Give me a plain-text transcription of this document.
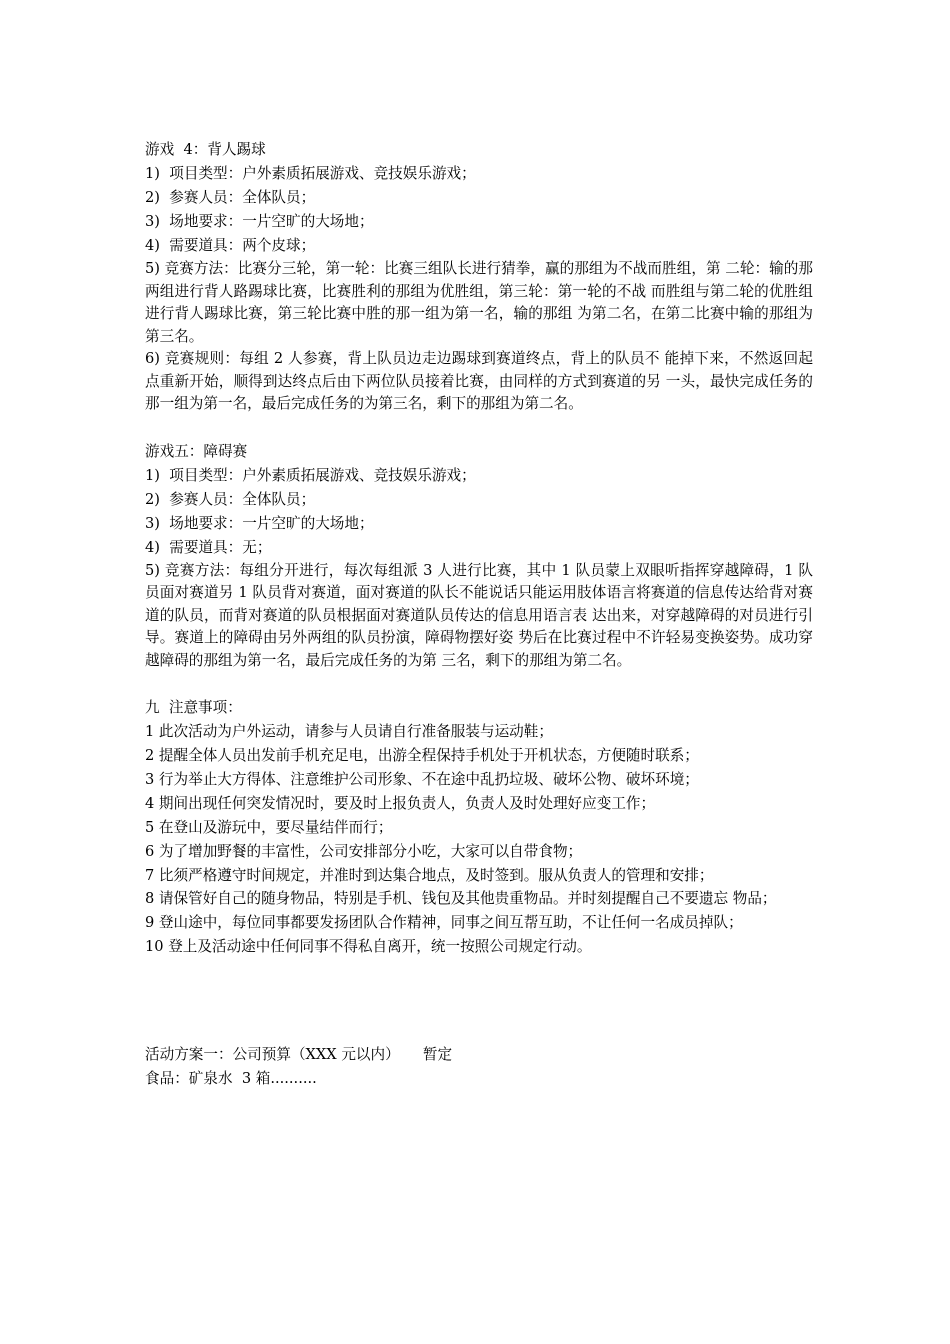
游戏  4：背人踢球
1)  项目类型：户外素质拓展游戏、竞技娱乐游戏；
2)  参赛人员：全体队员；
3)  场地要求：一片空旷的大场地；
4)  需要道具：两个皮球；
5) 竞赛方法：比赛分三轮，第一轮：比赛三组队长进行猜拳，赢的那组为不战而胜组，第 二轮：输的那两组进行背人路踢球比赛，比赛胜利的那组为优胜组，第三轮：第一轮的不战 而胜组与第二轮的优胜组进行背人踢球比赛，第三轮比赛中胜的那一组为第一名，输的那组 为第二名，在第二比赛中输的那组为第三名。
6) 竞赛规则：每组 2 人参赛，背上队员边走边踢球到赛道终点，背上的队员不 能掉下来，不然返回起点重新开始，顺得到达终点后由下两位队员接着比赛，由同样的方式到赛道的另 一头，最快完成任务的那一组为第一名，最后完成任务的为第三名，剩下的那组为第二名。
游戏五：障碍赛
1)  项目类型：户外素质拓展游戏、竞技娱乐游戏；
2)  参赛人员：全体队员；
3)  场地要求：一片空旷的大场地；
4)  需要道具：无；
5) 竞赛方法：每组分开进行，每次每组派 3 人进行比赛，其中 1 队员蒙上双眼听指挥穿越障碍，1 队员面对赛道另 1 队员背对赛道，面对赛道的队长不能说话只能运用肢体语言将赛道的信息传达给背对赛道的队员，而背对赛道的队员根据面对赛道队员传达的信息用语言表 达出来，对穿越障碍的对员进行引导。赛道上的障碍由另外两组的队员扮演，障碍物摆好姿 势后在比赛过程中不许轻易变换姿势。成功穿越障碍的那组为第一名，最后完成任务的为第 三名，剩下的那组为第二名。
九  注意事项：
1 此次活动为户外运动，请参与人员请自行准备服装与运动鞋；
2 提醒全体人员出发前手机充足电，出游全程保持手机处于开机状态，方便随时联系；
3 行为举止大方得体、注意维护公司形象、不在途中乱扔垃圾、破坏公物、破坏环境；
4 期间出现任何突发情况时，要及时上报负责人，负责人及时处理好应变工作；
5 在登山及游玩中，要尽量结伴而行；
6 为了增加野餐的丰富性，公司安排部分小吃，大家可以自带食物；
7 比须严格遵守时间规定，并准时到达集合地点，及时签到。服从负责人的管理和安排；
8 请保管好自己的随身物品，特别是手机、钱包及其他贵重物品。并时刻提醒自己不要遗忘 物品；
9 登山途中，每位同事都要发扬团队合作精神，同事之间互帮互助，不让任何一名成员掉队；
10 登上及活动途中任何同事不得私自离开，统一按照公司规定行动。
活动方案一：公司预算（XXX 元以内）     暂定
食品：矿泉水  3 箱..........
